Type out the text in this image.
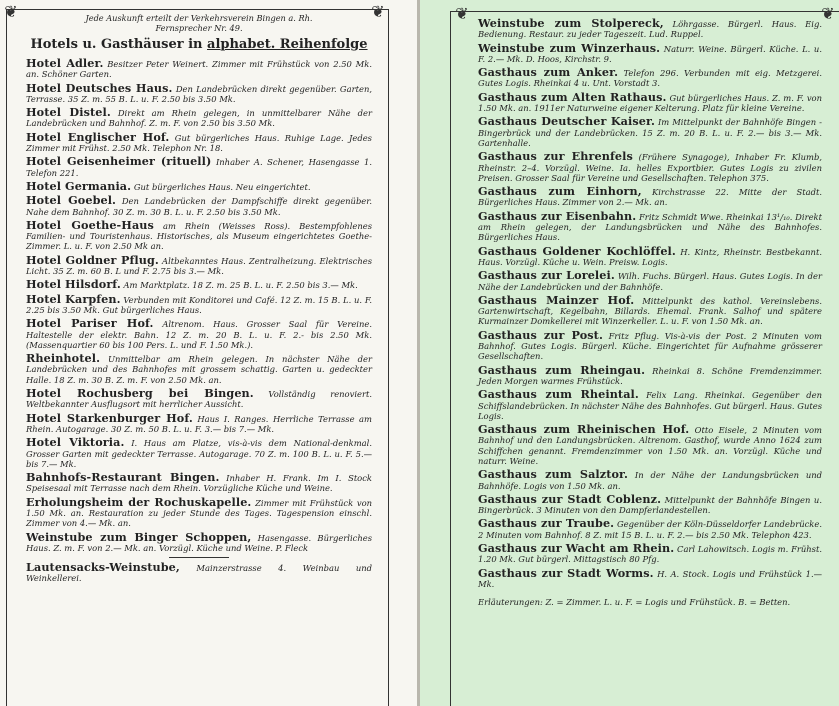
❦	❦
Jede Auskunft erteilt der Verkehrsverein Bingen a. Rh.
Fernsprecher Nr. 49.
Hotels u. Gasthäuser in alphabet. Reihenfolge
Hotel Adler. Besitzer Peter Weinert. Zimmer mit Frühstück von 2.50 Mk. an. Schöner Garten.
Hotel Deutsches Haus. Den Landebrücken direkt gegenüber. Garten, Terrasse. 35 Z. m. 55 B. L. u. F. 2.50 bis 3.50 Mk.
Hotel Distel. Direkt am Rhein gelegen, in unmittelbarer Nähe der Landebrücken und Bahnhof. Z. m. F. von 2.50 bis 3.50 Mk.
Hotel Englischer Hof. Gut bürgerliches Haus. Ruhige Lage. Jedes Zimmer mit Frühst. 2.50 Mk. Telephon Nr. 18.
Hotel Geisenheimer (rituell) Inhaber A. Schener, Hasengasse 1. Telefon 221.
Hotel Germania. Gut bürgerliches Haus. Neu eingerichtet.
Hotel Goebel. Den Landebrücken der Dampfschiffe direkt gegenüber. Nahe dem Bahnhof. 30 Z. m. 30 B. L. u. F. 2.50 bis 3.50 Mk.
Hotel Goethe-Haus am Rhein (Weisses Ross). Bestempfohlenes Familien- und Touristenhaus. Historisches, als Museum eingerichtetes Goethe-Zimmer. L. u. F. von 2.50 Mk an.
Hotel Goldner Pflug. Altbekanntes Haus. Zentralheizung. Elektrisches Licht. 35 Z. m. 60 B. L und F. 2.75 bis 3.— Mk.
Hotel Hilsdorf. Am Marktplatz. 18 Z. m. 25 B. L. u. F. 2.50 bis 3.— Mk.
Hotel Karpfen. Verbunden mit Konditorei und Café. 12 Z. m. 15 B. L. u. F. 2.25 bis 3.50 Mk. Gut bürgerliches Haus.
Hotel Pariser Hof. Altrenom. Haus. Grosser Saal für Vereine. Haltestelle der elektr. Bahn. 12 Z. m. 20 B. L. u. F. 2.- bis 2.50 Mk. (Massenquartier 60 bis 100 Pers. L. und F. 1.50 Mk.).
Rheinhotel. Unmittelbar am Rhein gelegen. In nächster Nähe der Landebrücken und des Bahnhofes mit grossem schattig. Garten u. gedeckter Halle. 18 Z. m. 30 B. Z. m. F. von 2.50 Mk. an.
Hotel Rochusberg bei Bingen. Vollständig renoviert. Weltbekannter Ausflugsort mit herrlicher Aussicht.
Hotel Starkenburger Hof. Haus I. Ranges. Herrliche Terrasse am Rhein. Autogarage. 30 Z. m. 50 B. L. u. F. 3.— bis 7.— Mk.
Hotel Viktoria. I. Haus am Platze, vis-à-vis dem National-denkmal. Grosser Garten mit gedeckter Terrasse. Autogarage. 70 Z. m. 100 B. L. u. F. 5.— bis 7.— Mk.
Bahnhofs-Restaurant Bingen. Inhaber H. Frank. Im I. Stock Speisesaal mit Terrasse nach dem Rhein. Vorzügliche Küche und Weine.
Erholungsheim der Rochuskapelle. Zimmer mit Frühstück von 1.50 Mk. an. Restauration zu jeder Stunde des Tages. Tagespension einschl. Zimmer von 4.— Mk. an.
Weinstube zum Binger Schoppen, Hasengasse. Bürgerliches Haus. Z. m. F. von 2.— Mk. an. Vorzügl. Küche und Weine. P. Fleck
Lautensacks-Weinstube, Mainzerstrasse 4. Weinbau und Weinkellerei.
❦	❦
Weinstube zum Stolpereck, Löhrgasse. Bürgerl. Haus. Eig. Bedienung. Restaur. zu jeder Tageszeit. Lud. Ruppel.
Weinstube zum Winzerhaus. Naturr. Weine. Bürgerl. Küche. L. u. F. 2.— Mk. D. Hoos, Kirchstr. 9.
Gasthaus zum Anker. Telefon 296. Verbunden mit eig. Metzgerei. Gutes Logis. Rheinkai 4 u. Unt. Vorstadt 3.
Gasthaus zum Alten Rathaus. Gut bürgerliches Haus. Z. m. F. von 1.50 Mk. an. 1911er Naturweine eigener Kelterung. Platz für kleine Vereine.
Gasthaus Deutscher Kaiser. Im Mittelpunkt der Bahnhöfe Bingen - Bingerbrück und der Landebrücken. 15 Z. m. 20 B. L. u. F. 2.— bis 3.— Mk. Gartenhalle.
Gasthaus zur Ehrenfels (Frühere Synagoge), Inhaber Fr. Klumb, Rheinstr. 2–4. Vorzügl. Weine. Ia. helles Exportbier. Gutes Logis zu zivilen Preisen. Grosser Saal für Vereine und Gesellschaften. Telephon 375.
Gasthaus zum Einhorn, Kirchstrasse 22. Mitte der Stadt. Bürgerliches Haus. Zimmer von 2.— Mk. an.
Gasthaus zur Eisenbahn. Fritz Schmidt Wwe. Rheinkai 13¹/₁₀. Direkt am Rhein gelegen, der Landungsbrücken und Nähe des Bahnhofes. Bürgerliches Haus.
Gasthaus Goldener Kochlöffel. H. Kintz, Rheinstr. Bestbekannt. Haus. Vorzügl. Küche u. Wein. Preisw. Logis.
Gasthaus zur Lorelei. Wilh. Fuchs. Bürgerl. Haus. Gutes Logis. In der Nähe der Landebrücken und der Bahnhöfe.
Gasthaus Mainzer Hof. Mittelpunkt des kathol. Vereinslebens. Gartenwirtschaft, Kegelbahn, Billards. Ehemal. Frank. Salhof und spätere Kurmainzer Domkellerei mit Winzerkeller. L. u. F. von 1.50 Mk. an.
Gasthaus zur Post. Fritz Pflug. Vis-à-vis der Post. 2 Minuten vom Bahnhof. Gutes Logis. Bürgerl. Küche. Eingerichtet für Aufnahme grösserer Gesellschaften.
Gasthaus zum Rheingau. Rheinkai 8. Schöne Fremdenzimmer. Jeden Morgen warmes Frühstück.
Gasthaus zum Rheintal. Felix Lang. Rheinkai. Gegenüber den Schiffslandebrücken. In nächster Nähe des Bahnhofes. Gut bürgerl. Haus. Gutes Logis.
Gasthaus zum Rheinischen Hof. Otto Eisele, 2 Minuten vom Bahnhof und den Landungsbrücken. Altrenom. Gasthof, wurde Anno 1624 zum Schiffchen genannt. Fremdenzimmer von 1.50 Mk. an. Vorzügl. Küche und naturr. Weine.
Gasthaus zum Salztor. In der Nähe der Landungsbrücken und Bahnhöfe. Logis von 1.50 Mk. an.
Gasthaus zur Stadt Coblenz. Mittelpunkt der Bahnhöfe Bingen u. Bingerbrück. 3 Minuten von den Dampferlandestellen.
Gasthaus zur Traube. Gegenüber der Köln-Düsseldorfer Landebrücke. 2 Minuten vom Bahnhof. 8 Z. mit 15 B. L. u. F. 2.— bis 2.50 Mk. Telephon 423.
Gasthaus zur Wacht am Rhein. Carl Lahowitsch. Logis m. Frühst. 1.20 Mk. Gut bürgerl. Mittagstisch 80 Pfg.
Gasthaus zur Stadt Worms. H. A. Stock. Logis und Frühstück 1.— Mk.
Erläuterungen: Z. = Zimmer. L. u. F. = Logis und Frühstück. B. = Betten.
